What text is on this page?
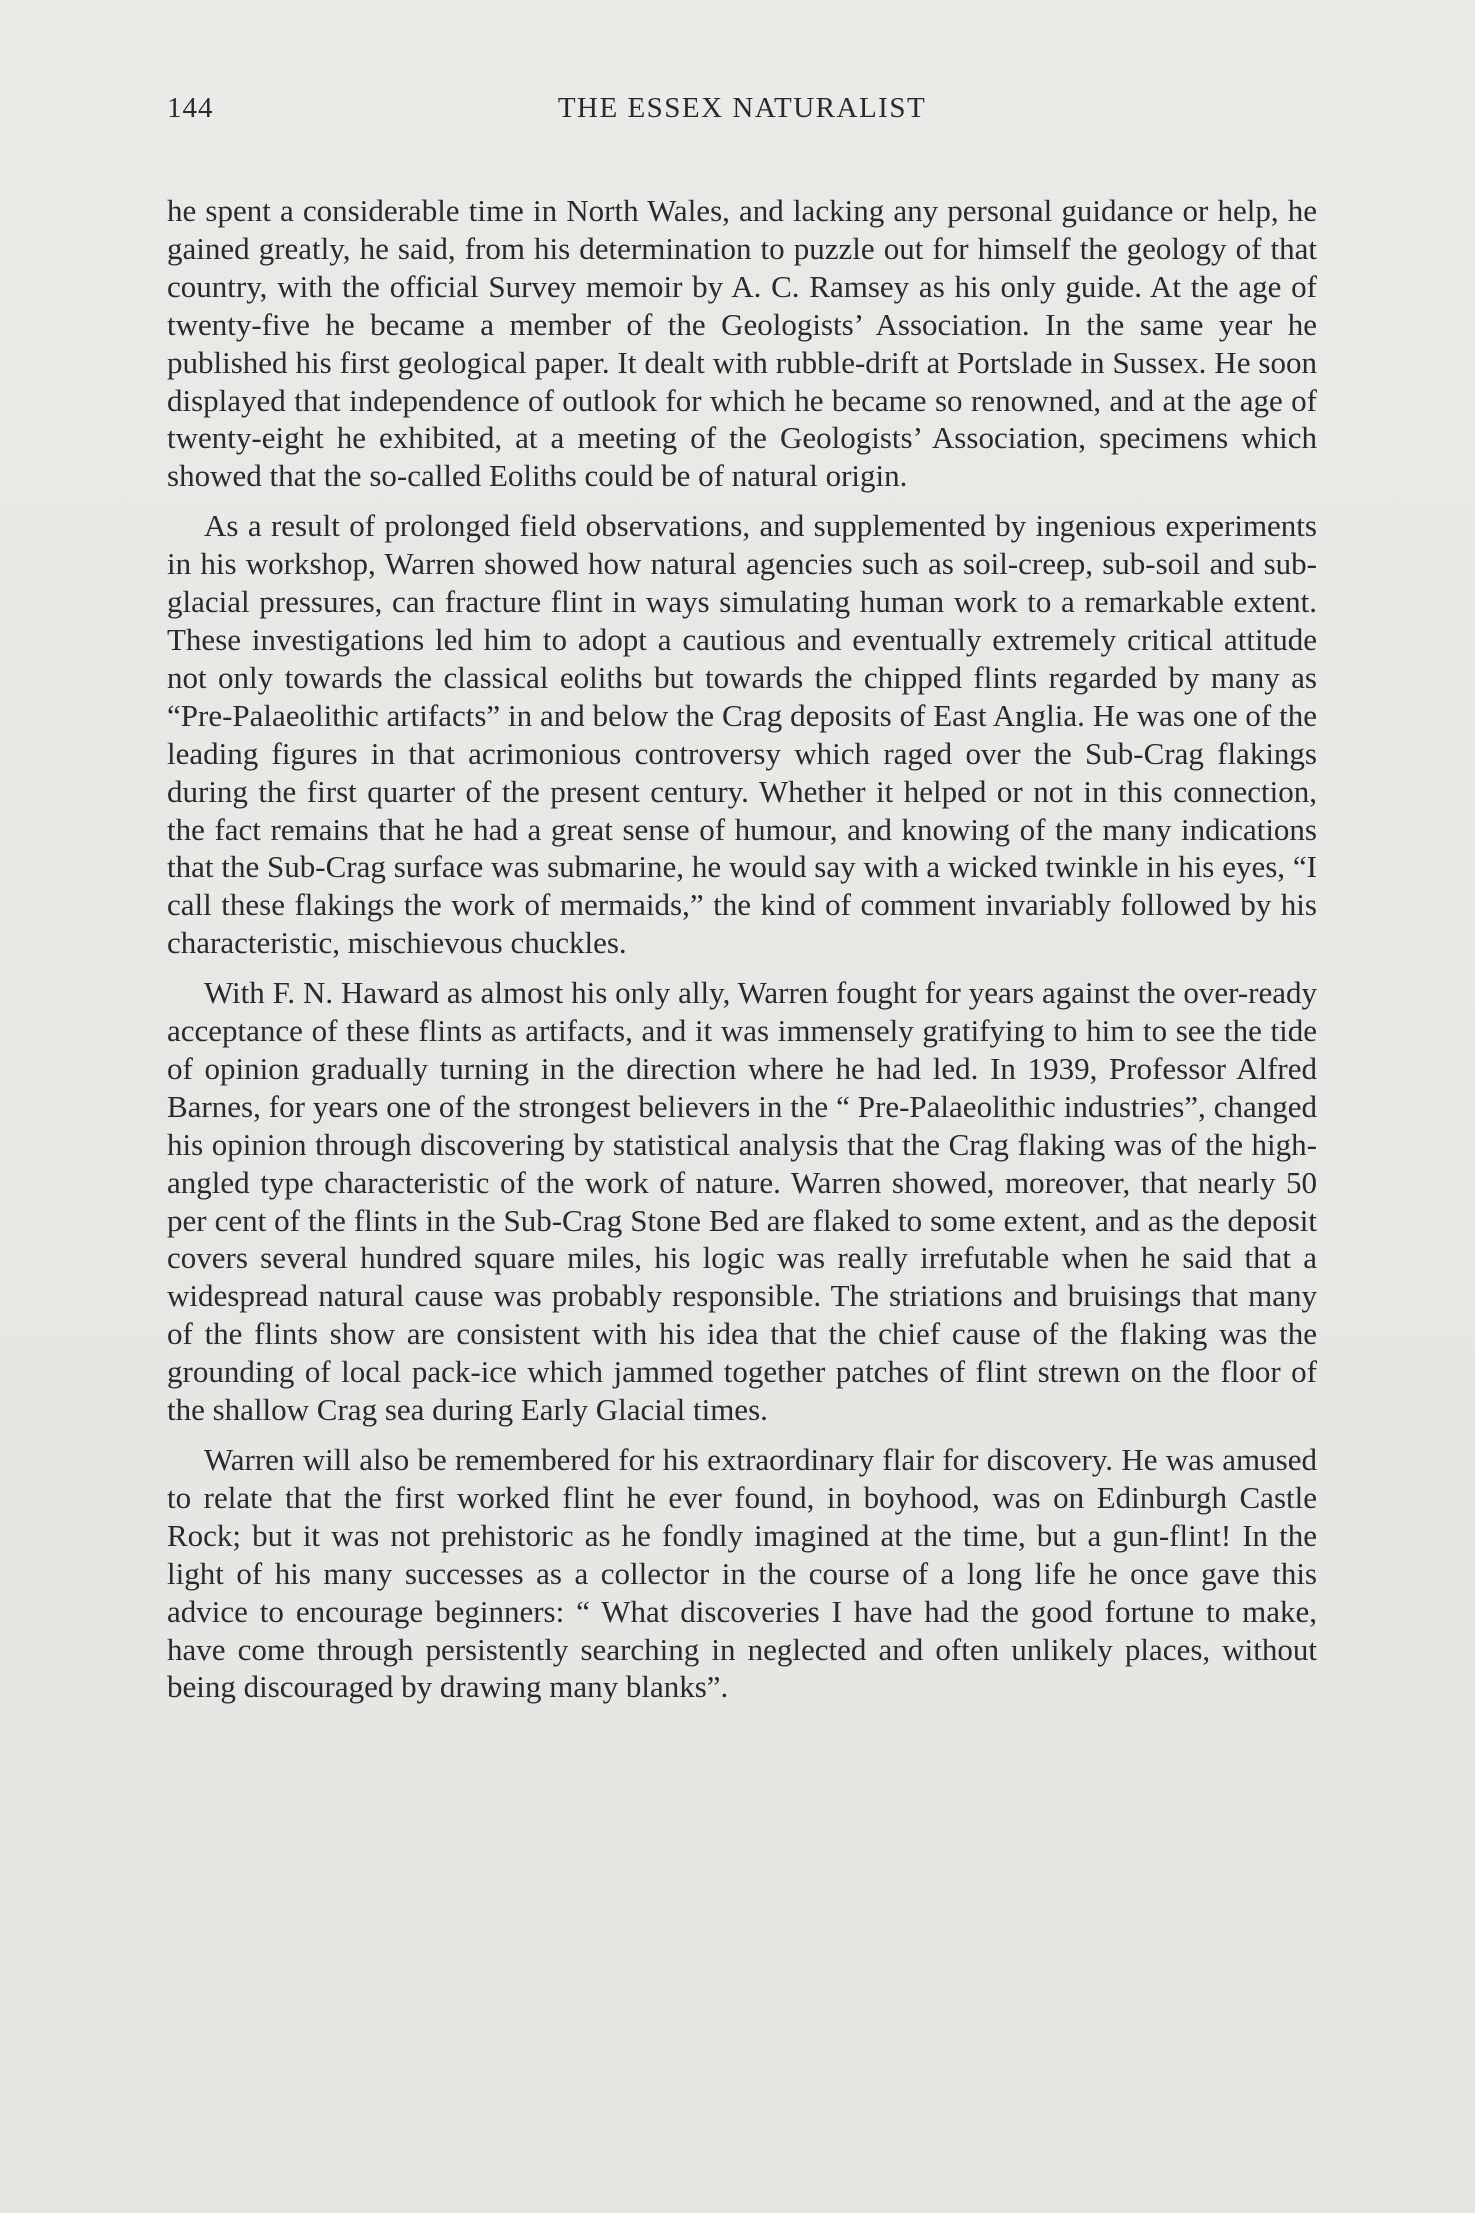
144	THE ESSEX NATURALIST

he spent a considerable time in North Wales, and lacking any personal guidance or help, he gained greatly, he said, from his determination to puzzle out for himself the geology of that country, with the official Survey memoir by A. C. Ramsey as his only guide. At the age of twenty-five he became a member of the Geologists’ Association. In the same year he published his first geological paper. It dealt with rubble-drift at Portslade in Sussex. He soon displayed that independence of outlook for which he became so renowned, and at the age of twenty-eight he exhibited, at a meeting of the Geologists’ Association, specimens which showed that the so-called Eoliths could be of natural origin.

As a result of prolonged field observations, and supplemented by ingenious experiments in his workshop, Warren showed how natural agencies such as soil-creep, sub-soil and sub-glacial pressures, can fracture flint in ways simulating human work to a remarkable extent. These investigations led him to adopt a cautious and eventually extremely critical attitude not only towards the classical eoliths but towards the chipped flints regarded by many as “Pre-Palaeolithic artifacts” in and below the Crag deposits of East Anglia. He was one of the leading figures in that acrimonious controversy which raged over the Sub-Crag flakings during the first quarter of the present century. Whether it helped or not in this connection, the fact remains that he had a great sense of humour, and knowing of the many indications that the Sub-Crag surface was submarine, he would say with a wicked twinkle in his eyes, “I call these flakings the work of mermaids,” the kind of comment invariably followed by his characteristic, mischievous chuckles.

With F. N. Haward as almost his only ally, Warren fought for years against the over-ready acceptance of these flints as artifacts, and it was immensely gratifying to him to see the tide of opinion gradually turning in the direction where he had led. In 1939, Professor Alfred Barnes, for years one of the strongest believers in the “ Pre-Palaeolithic industries”, changed his opinion through discovering by statistical analysis that the Crag flaking was of the high-angled type characteristic of the work of nature. Warren showed, moreover, that nearly 50 per cent of the flints in the Sub-Crag Stone Bed are flaked to some extent, and as the deposit covers several hundred square miles, his logic was really irrefutable when he said that a widespread natural cause was probably responsible. The striations and bruisings that many of the flints show are consistent with his idea that the chief cause of the flaking was the grounding of local pack-ice which jammed together patches of flint strewn on the floor of the shallow Crag sea during Early Glacial times.

Warren will also be remembered for his extraordinary flair for discovery. He was amused to relate that the first worked flint he ever found, in boyhood, was on Edinburgh Castle Rock; but it was not prehistoric as he fondly imagined at the time, but a gun-flint! In the light of his many successes as a collector in the course of a long life he once gave this advice to encourage beginners: “ What discoveries I have had the good fortune to make, have come through persistently searching in neglected and often unlikely places, without being discouraged by drawing many blanks”.
